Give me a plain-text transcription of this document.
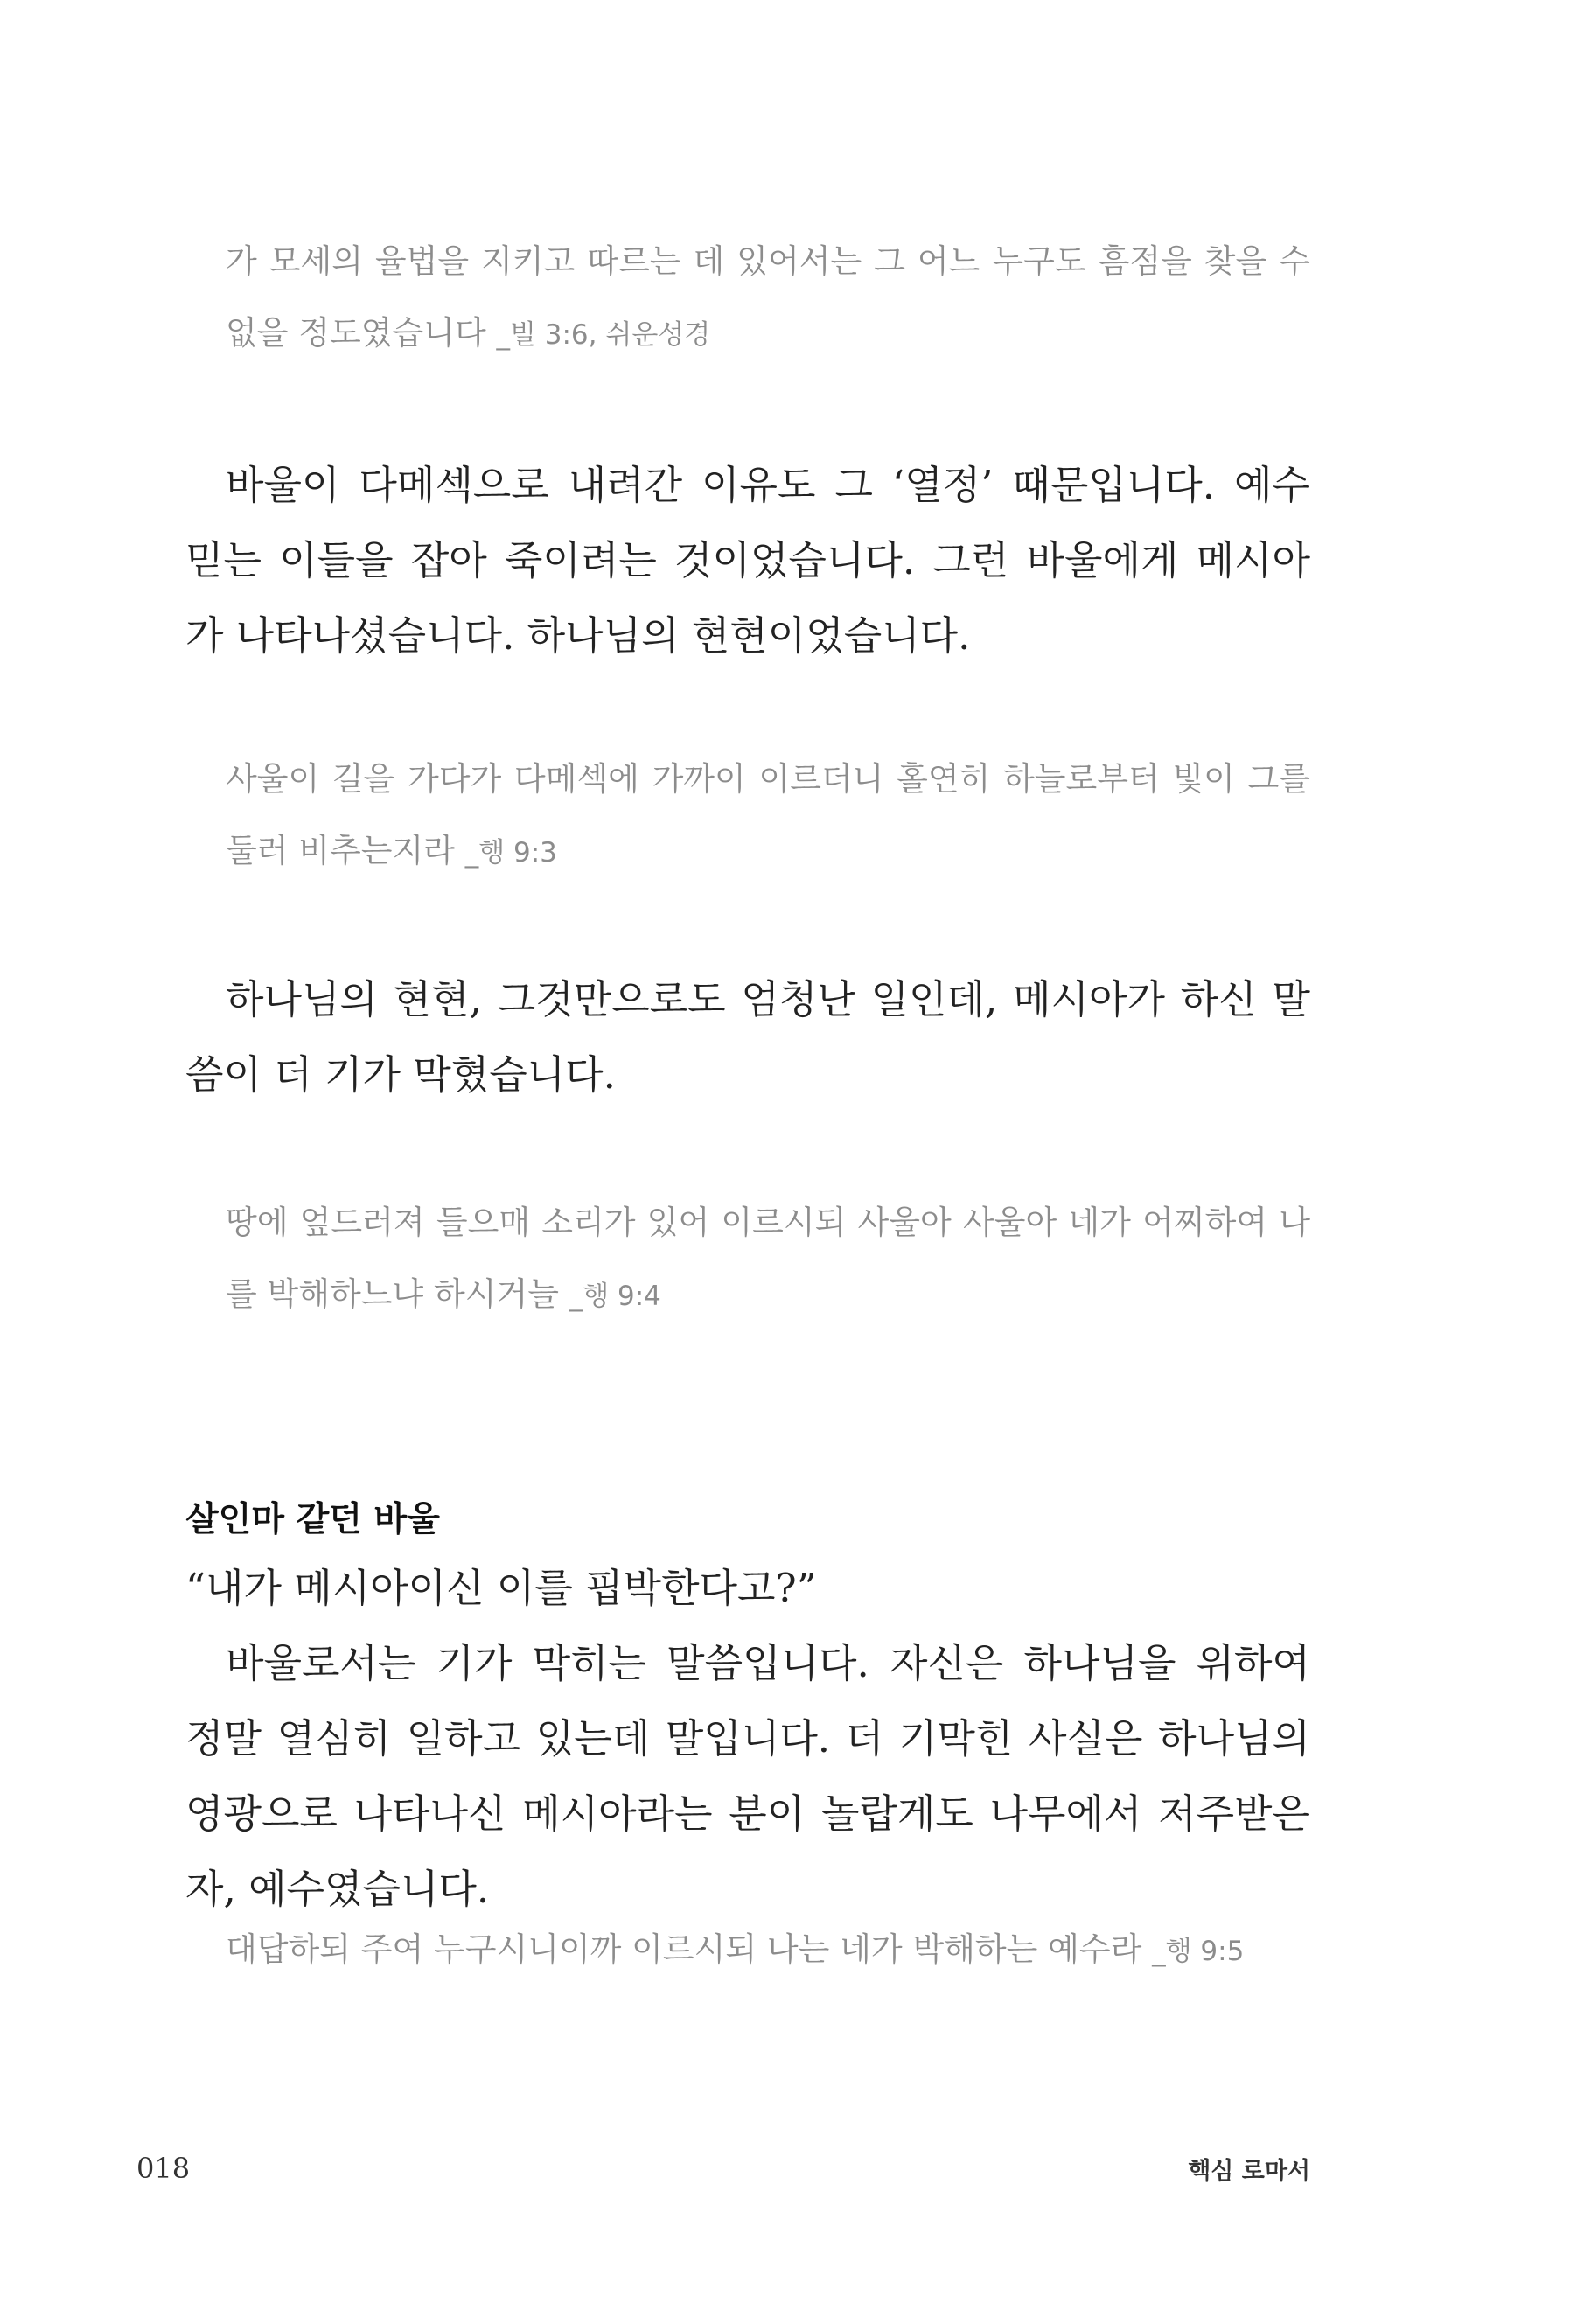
가 모세의 율법을 지키고 따르는 데 있어서는 그 어느 누구도 흠점을 찾을 수 없을 정도였습니다 _빌 3:6, 쉬운성경

바울이 다메섹으로 내려간 이유도 그 ‘열정’ 때문입니다. 예수 믿는 이들을 잡아 죽이려는 것이었습니다. 그런 바울에게 메시아가 나타나셨습니다. 하나님의 현현이었습니다.

사울이 길을 가다가 다메섹에 가까이 이르더니 홀연히 하늘로부터 빛이 그를 둘러 비추는지라 _행 9:3

하나님의 현현, 그것만으로도 엄청난 일인데, 메시아가 하신 말씀이 더 기가 막혔습니다.

땅에 엎드러져 들으매 소리가 있어 이르시되 사울아 사울아 네가 어찌하여 나를 박해하느냐 하시거늘 _행 9:4

살인마 같던 바울

“내가 메시아이신 이를 핍박한다고?”

바울로서는 기가 막히는 말씀입니다. 자신은 하나님을 위하여 정말 열심히 일하고 있는데 말입니다. 더 기막힌 사실은 하나님의 영광으로 나타나신 메시아라는 분이 놀랍게도 나무에서 저주받은 자, 예수였습니다.

대답하되 주여 누구시니이까 이르시되 나는 네가 박해하는 예수라 _행 9:5

018	핵심 로마서
